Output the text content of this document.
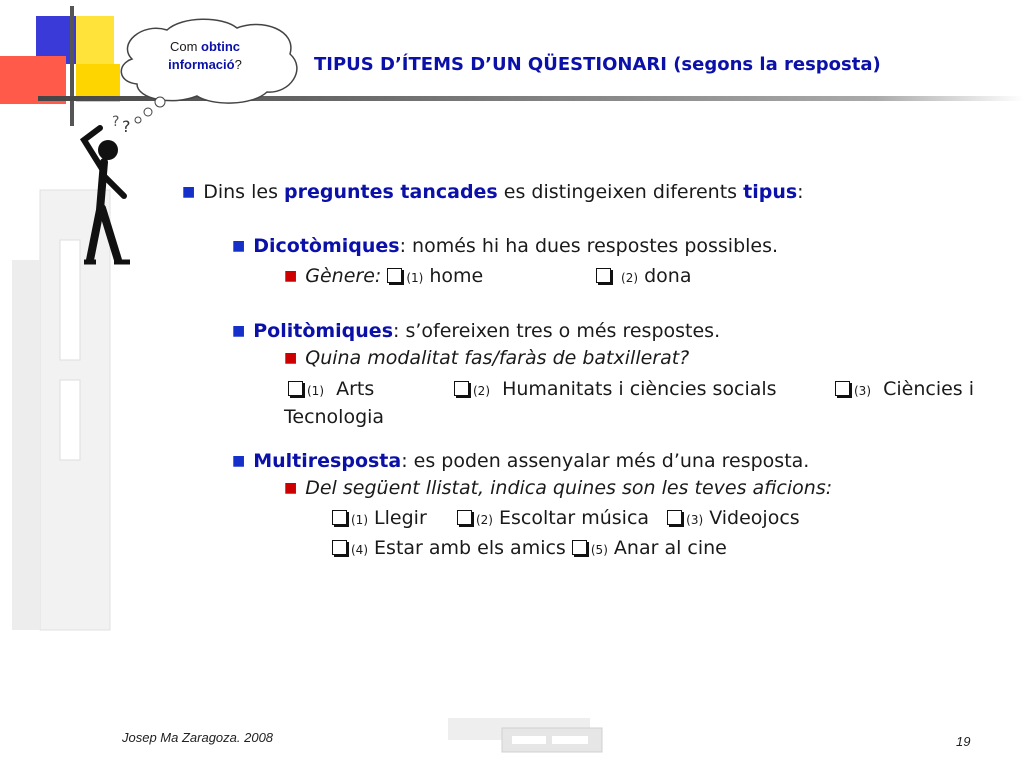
? ?
Com obtinc
informació?	TIPUS D’ÍTEMS D’UN QÜESTIONARI (segons la resposta)
■ Dins les preguntes tancades es distingeixen diferents tipus:
■ Dicotòmiques: només hi ha dues respostes possibles.
■ Gènere: (1) home	(2) dona
■ Politòmiques: s’ofereixen tres o més respostes.
■ Quina modalitat fas/faràs de batxillerat?
(1) Arts	(2) Humanitats i ciències socials	(3) Ciències i
Tecnologia
■ Multiresposta: es poden assenyalar més d’una resposta.
■ Del següent llistat, indica quines son les teves aficions:
(1) Llegir	(2) Escoltar música	(3) Videojocs
(4) Estar amb els amics (5) Anar al cine
Josep Ma Zaragoza. 2008	19
